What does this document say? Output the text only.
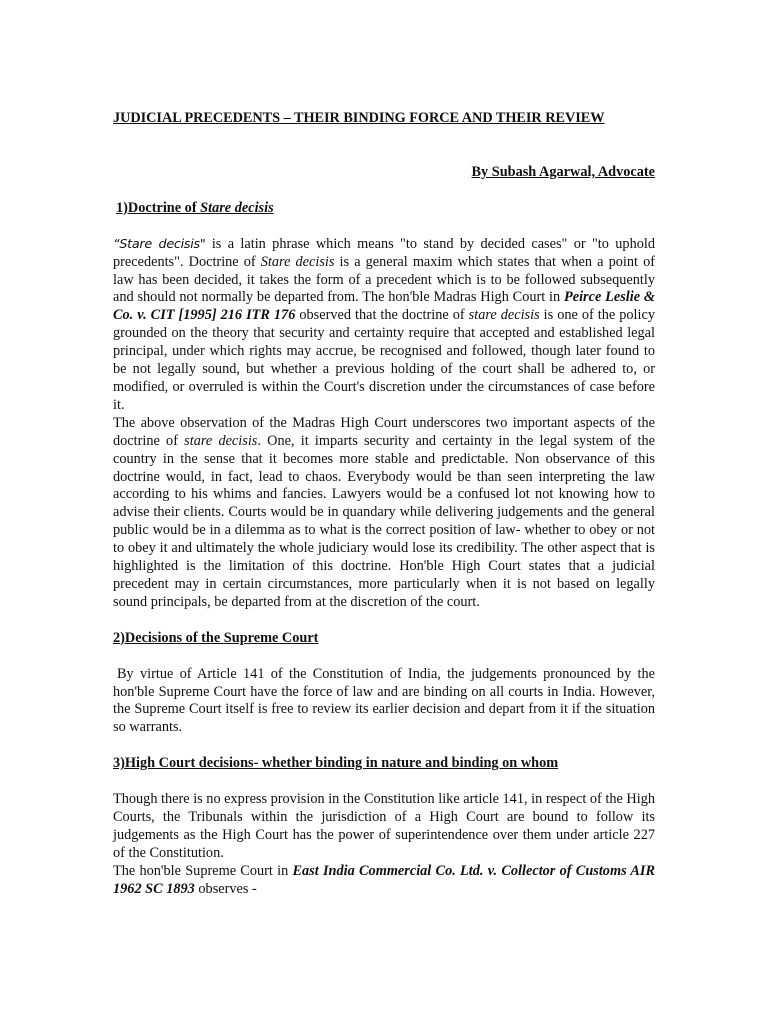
JUDICIAL PRECEDENTS – THEIR BINDING FORCE AND THEIR REVIEW
By Subash Agarwal, Advocate
1)Doctrine of Stare decisis

“Stare decisis" is a latin phrase which means "to stand by decided cases" or "to uphold precedents". Doctrine of Stare decisis is a general maxim which states that when a point of law has been decided, it takes the form of a precedent which is to be followed subsequently and should not normally be departed from. The hon'ble Madras High Court in Peirce Leslie & Co. v. CIT [1995] 216 ITR 176 observed that the doctrine of stare decisis is one of the policy grounded on the theory that security and certainty require that accepted and established legal principal, under which rights may accrue, be recognised and followed, though later found to be not legally sound, but whether a previous holding of the court shall be adhered to, or modified, or overruled is within the Court's discretion under the circumstances of case before it.

The above observation of the Madras High Court underscores two important aspects of the doctrine of stare decisis. One, it imparts security and certainty in the legal system of the country in the sense that it becomes more stable and predictable. Non observance of this doctrine would, in fact, lead to chaos. Everybody would be than seen interpreting the law according to his whims and fancies. Lawyers would be a confused lot not knowing how to advise their clients. Courts would be in quandary while delivering judgements and the general public would be in a dilemma as to what is the correct position of law- whether to obey or not to obey it and ultimately the whole judiciary would lose its credibility. The other aspect that is highlighted is the limitation of this doctrine. Hon'ble High Court states that a judicial precedent may in certain circumstances, more particularly when it is not based on legally sound principals, be departed from at the discretion of the court.

2)Decisions of the Supreme Court

By virtue of Article 141 of the Constitution of India, the judgements pronounced by the hon'ble Supreme Court have the force of law and are binding on all courts in India. However, the Supreme Court itself is free to review its earlier decision and depart from it if the situation so warrants.

3)High Court decisions- whether binding in nature and binding on whom

Though there is no express provision in the Constitution like article 141, in respect of the High Courts, the Tribunals within the jurisdiction of a High Court are bound to follow its judgements as the High Court has the power of superintendence over them under article 227 of the Constitution.

The hon'ble Supreme Court in East India Commercial Co. Ltd. v. Collector of Customs AIR 1962 SC 1893 observes -
